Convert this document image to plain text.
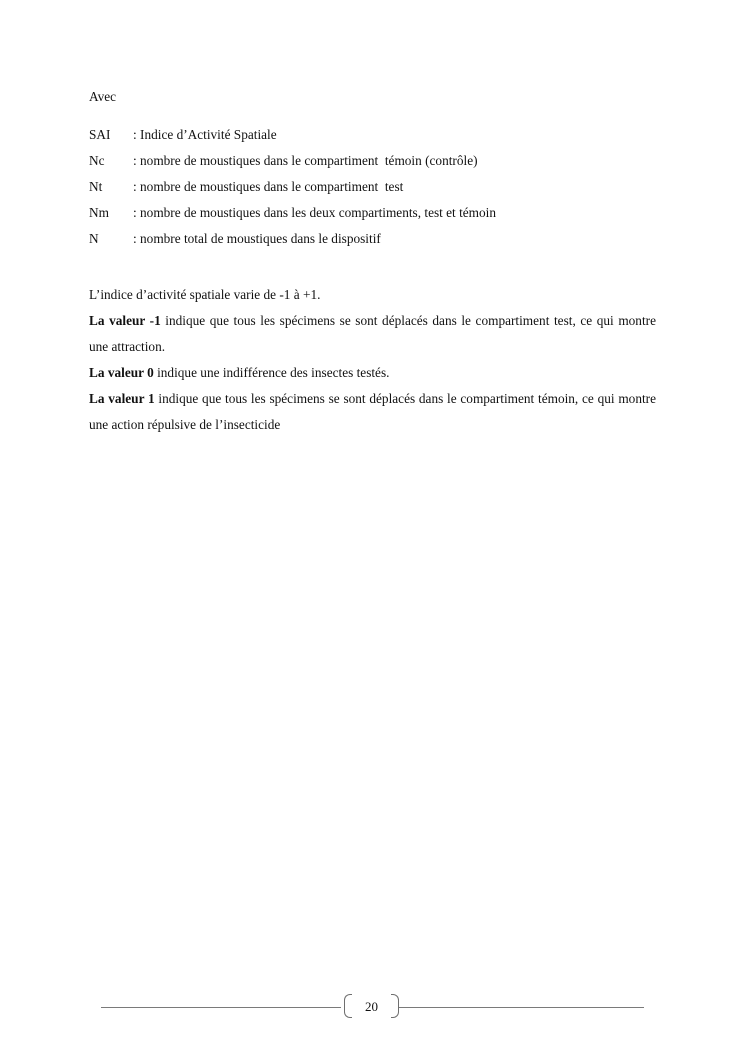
Avec
SAI	: Indice d’Activité Spatiale
Nc	: nombre de moustiques dans le compartiment  témoin (contrôle)
Nt	: nombre de moustiques dans le compartiment  test
Nm	: nombre de moustiques dans les deux compartiments, test et témoin
N	: nombre total de moustiques dans le dispositif

L’indice d’activité spatiale varie de -1 à +1.

La valeur -1 indique que tous les spécimens se sont déplacés dans le compartiment test, ce qui montre une attraction.

La valeur 0 indique une indifférence des insectes testés.

La valeur 1 indique que tous les spécimens se sont déplacés dans le compartiment témoin, ce qui montre une action répulsive de l’insecticide

20
